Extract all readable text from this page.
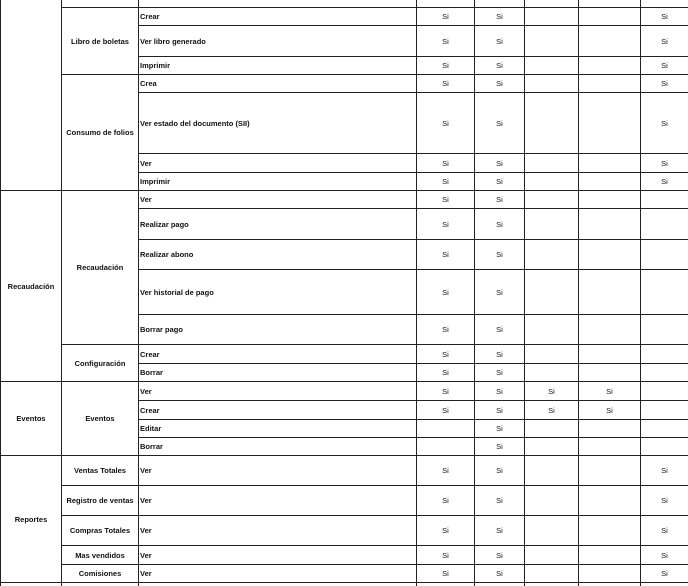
	Libro de boletas	Crear	Si	Si			Si
		Ver libro generado	Si	Si			Si
		Imprimir	Si	Si			Si
	Consumo de folios	Crea	Si	Si			Si
		Ver estado del documento (SII)	Si	Si			Si
		Ver	Si	Si			Si
		Imprimir	Si	Si			Si
Recaudación	Recaudación	Ver	Si	Si			
		Realizar pago	Si	Si			
		Realizar abono	Si	Si			
		Ver historial de pago	Si	Si			
		Borrar pago	Si	Si			
	Configuración	Crear	Si	Si			
		Borrar	Si	Si			
Eventos	Eventos	Ver	Si	Si	Si	Si	
		Crear	Si	Si	Si	Si	
		Editar		Si			
		Borrar		Si			
Reportes	Ventas Totales	Ver	Si	Si			Si
	Registro de ventas	Ver	Si	Si			Si
	Compras Totales	Ver	Si	Si			Si
	Mas vendidos	Ver	Si	Si			Si
	Comisiones	Ver	Si	Si			Si
